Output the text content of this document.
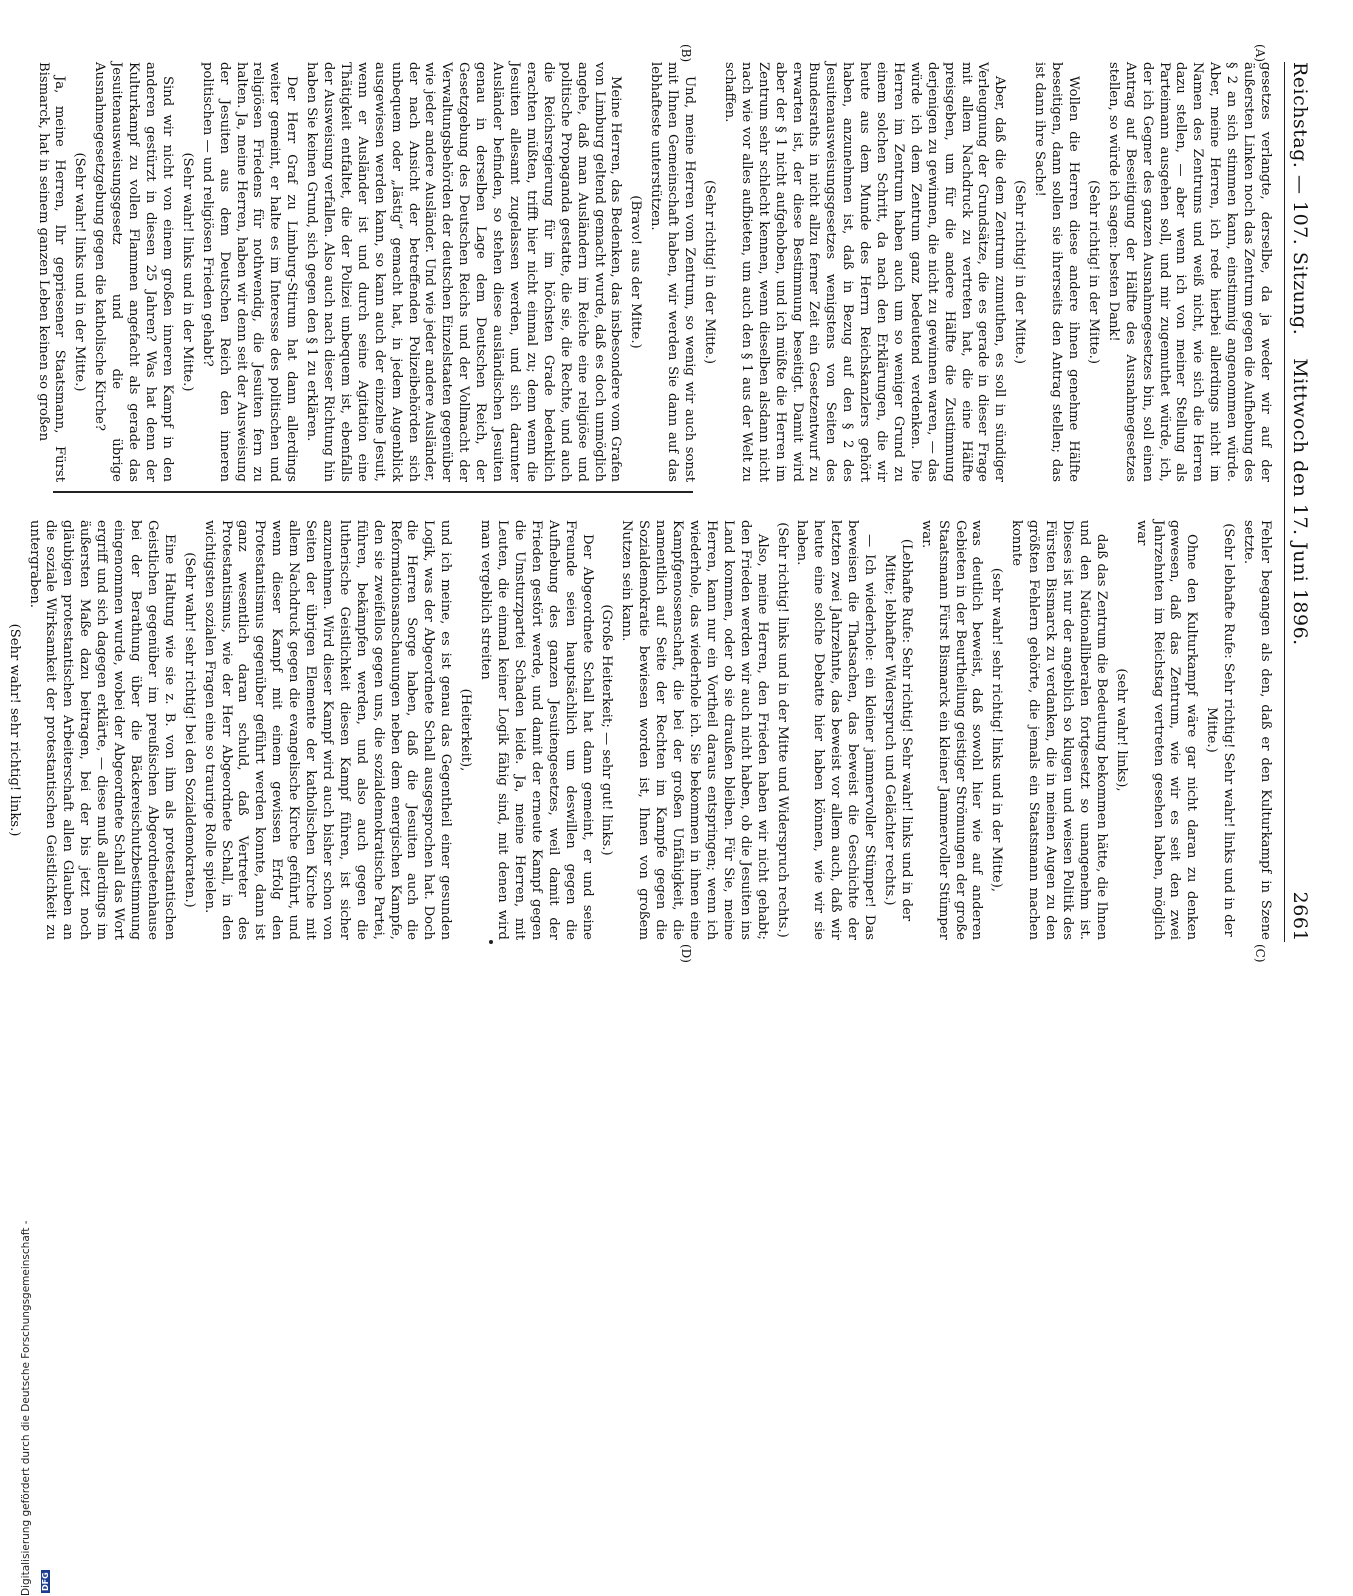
Reichstag. — 107. Sitzung.
Mittwoch den 17. Juni 1896.
2661
(A)
(B)
(C)
(D)

gesetzes verlangte, derselbe, da ja weder wir auf der äußersten Linken noch das Zentrum gegen die Aufhebung des § 2 an sich stimmen kann, einstimmig angenommen würde. Aber, meine Herren, ich rede hierbei allerdings nicht im Namen des Zentrums und weiß nicht, wie sich die Herren dazu stellen, — aber wenn ich von meiner Stellung als Parteimann ausgehen soll, und mir zugemuthet würde, ich, der ich Gegner des ganzen Ausnahmegesetzes bin, soll einen Antrag auf Beseitigung der Hälfte des Ausnahmegesetzes stellen, so würde ich sagen: besten Dank!

(Sehr richtig! in der Mitte.)

Wollen die Herren diese andere ihnen genehme Hälfte beseitigen, dann sollen sie ihrerseits den Antrag stellen; das ist dann ihre Sache!

(Sehr richtig! in der Mitte.)

Aber, daß die dem Zentrum zumuthen, es soll in sündiger Verleugnung der Grundsätze, die es gerade in dieser Frage mit allem Nachdruck zu vertreten hat, die eine Hälfte preisgeben, um für die andere Hälfte die Zustimmung derjenigen zu gewinnen, die nicht zu gewinnen waren, — das würde ich dem Zentrum ganz bedeutend verdenken. Die Herren im Zentrum haben auch um so weniger Grund zu einem solchen Schritt, da nach den Erklärungen, die wir heute aus dem Munde des Herrn Reichskanzlers gehört haben, anzunehmen ist, daß in Bezug auf den § 2 des Jesuitenausweisungsgesetzes wenigstens von Seiten des Bundesraths in nicht allzu ferner Zeit ein Gesetzentwurf zu erwarten ist, der diese Bestimmung beseitigt. Damit wird aber der § 1 nicht aufgehoben, und ich müßte die Herren im Zentrum sehr schlecht kennen, wenn dieselben alsdann nicht nach wie vor alles aufbieten, um auch den § 1 aus der Welt zu schaffen.

(Sehr richtig! in der Mitte.)

Und, meine Herren vom Zentrum, so wenig wir auch sonst mit Ihnen Gemeinschaft haben, wir werden Sie dann auf das lebhafteste unterstützen.

(Bravo! aus der Mitte.)

Meine Herren, das Bedenken, das insbesondere vom Grafen von Limburg geltend gemacht wurde, daß es doch unmöglich angehe, daß man Ausländern im Reiche eine religiöse und politische Propaganda gestatte, die sie, die Rechte, und auch die Reichsregierung für im höchsten Grade bedenklich erachten müßten, trifft hier nicht einmal zu; denn wenn die Jesuiten allesamt zugelassen werden, und sich darunter Ausländer befinden, so stehen diese ausländischen Jesuiten genau in derselben Lage dem Deutschen Reich, der Gesetzgebung des Deutschen Reichs und der Vollmacht der Verwaltungsbehörden der deutschen Einzelstaaten gegenüber wie jeder andere Ausländer. Und wie jeder andere Ausländer, der nach Ansicht der betreffenden Polizeibehörden sich unbequem oder „lästig“ gemacht hat, in jedem Augenblick ausgewiesen werden kann, so kann auch der einzelne Jesuit, wenn er Ausländer ist und durch seine Agitation eine Thätigkeit entfaltet, die der Polizei unbequem ist, ebenfalls der Ausweisung verfallen. Also auch nach dieser Richtung hin haben Sie keinen Grund, sich gegen den § 1 zu erklären.

Der Herr Graf zu Limburg-Stirum hat dann allerdings weiter gemeint, er halte es im Interesse des politischen und religiösen Friedens für nothwendig, die Jesuiten fern zu halten. Ja, meine Herren, haben wir denn seit der Ausweisung der Jesuiten aus dem Deutschen Reich den inneren politischen — und religiösen Frieden gehabt?

(Sehr wahr! links und in der Mitte.)

Sind wir nicht von einem großen inneren Kampf in den anderen gestürzt in diesen 25 Jahren? Was hat denn der Kulturkampf zu vollen Flammen angefacht als gerade das Jesuitenausweisungsgesetz und die übrige Ausnahmegesetzgebung gegen die katholische Kirche?

(Sehr wahr! links und in der Mitte.)

Ja, meine Herren, Ihr gepriesener Staatsmann, Fürst Bismarck, hat in seinem ganzen Leben keinen so großen

Fehler begangen als den, daß er den Kulturkampf in Szene setzte.

(Sehr lebhafte Rufe: Sehr richtig! Sehr wahr! links und in der Mitte.)

Ohne den Kulturkampf wäre gar nicht daran zu denken gewesen, daß das Zentrum, wie wir es seit den zwei Jahrzehnten im Reichstag vertreten gesehen haben, möglich war

(sehr wahr! links),

daß das Zentrum die Bedeutung bekommen hätte, die Ihnen und den Nationalliberalen fortgesetzt so unangenehm ist. Dieses ist nur der angeblich so klugen und weisen Politik des Fürsten Bismarck zu verdanken, die in meinen Augen zu den größten Fehlern gehörte, die jemals ein Staatsmann machen konnte

(sehr wahr! sehr richtig! links und in der Mitte),

was deutlich beweist, daß sowohl hier wie auf anderen Gebieten in der Beurtheilung geistiger Strömungen der große Staatsmann Fürst Bismarck ein kleiner Jammervoller Stümper war.

(Lebhafte Rufe: Sehr richtig! Sehr wahr! links und in der Mitte; lebhafter Widerspruch und Gelächter rechts.)

— Ich wiederhole: ein kleiner jammervoller Stümper! Das beweisen die Thatsachen, das beweist die Geschichte der letzten zwei Jahrzehnte, das beweist vor allem auch, daß wir heute eine solche Debatte hier haben können, wie wir sie haben.

(Sehr richtig! links und in der Mitte und Widerspruch rechts.)

Also, meine Herren, den Frieden haben wir nicht gehabt; den Frieden werden wir auch nicht haben, ob die Jesuiten ins Land kommen, oder ob sie draußen bleiben. Für Sie, meine Herren, kann nur ein Vortheil daraus entspringen; wenn ich wiederhole, das wiederhole ich. Sie bekommen in ihnen eine Kampfgenossenschaft, die bei der großen Unfähigkeit, die namentlich auf Seite der Rechten im Kampfe gegen die Sozialdemokratie bewiesen worden ist, Ihnen von großem Nutzen sein kann.

(Große Heiterkeit; — sehr gut! links.)

Der Abgeordnete Schall hat dann gemeint, er und seine Freunde seien hauptsächlich um deswillen gegen die Aufhebung des ganzen Jesuitengesetzes, weil damit der Frieden gestört werde, und damit der erneute Kampf gegen die Umsturzpartei Schaden leide. Ja, meine Herren, mit Leuten, die einmal keiner Logik fähig sind, mit denen wird man vergeblich streiten

(Heiterkeit),

und ich meine, es ist genau das Gegentheil einer gesunden Logik, was der Abgeordnete Schall ausgesprochen hat. Doch die Herren Sorge haben, daß die Jesuiten auch die Reformationsanschauungen neben dem energischen Kampfe, den sie zweifellos gegen uns, die sozialdemokratische Partei, führen, bekämpfen werden, und also auch gegen die lutherische Geistlichkeit diesen Kampf führen, ist sicher anzunehmen. Wird dieser Kampf wird auch bisher schon von Seiten der übrigen Elemente der katholischen Kirche mit allem Nachdruck gegen die evangelische Kirche geführt, und wenn dieser Kampf mit einem gewissen Erfolg den Protestantismus gegenüber geführt werden konnte, dann ist ganz wesentlich daran schuld, daß Vertreter des Protestantismus, wie der Herr Abgeordnete Schall, in den wichtigsten sozialen Fragen eine so traurige Rolle spielen.

(Sehr wahr! sehr richtig! bei den Sozialdemokraten.)

Eine Haltung wie sie z. B. von ihm als protestantischen Geistlichen gegenüber im preußischen Abgeordnetenhause bei der Berathung über die Bäckereischutzbestimmung eingenommen wurde, wobei der Abgeordnete Schall das Wort ergriff und sich dagegen erklärte, — diese muß allerdings im äußersten Maße dazu beitragen, bei der bis jetzt noch gläubigen protestantischen Arbeiterschaft allen Glauben an die soziale Wirksamkeit der protestantischen Geistlichkeit zu untergraben.

(Sehr wahr! sehr richtig! links.)

Digitalisierung gefördert durch die Deutsche Forschungsgemeinschaft - DFG
